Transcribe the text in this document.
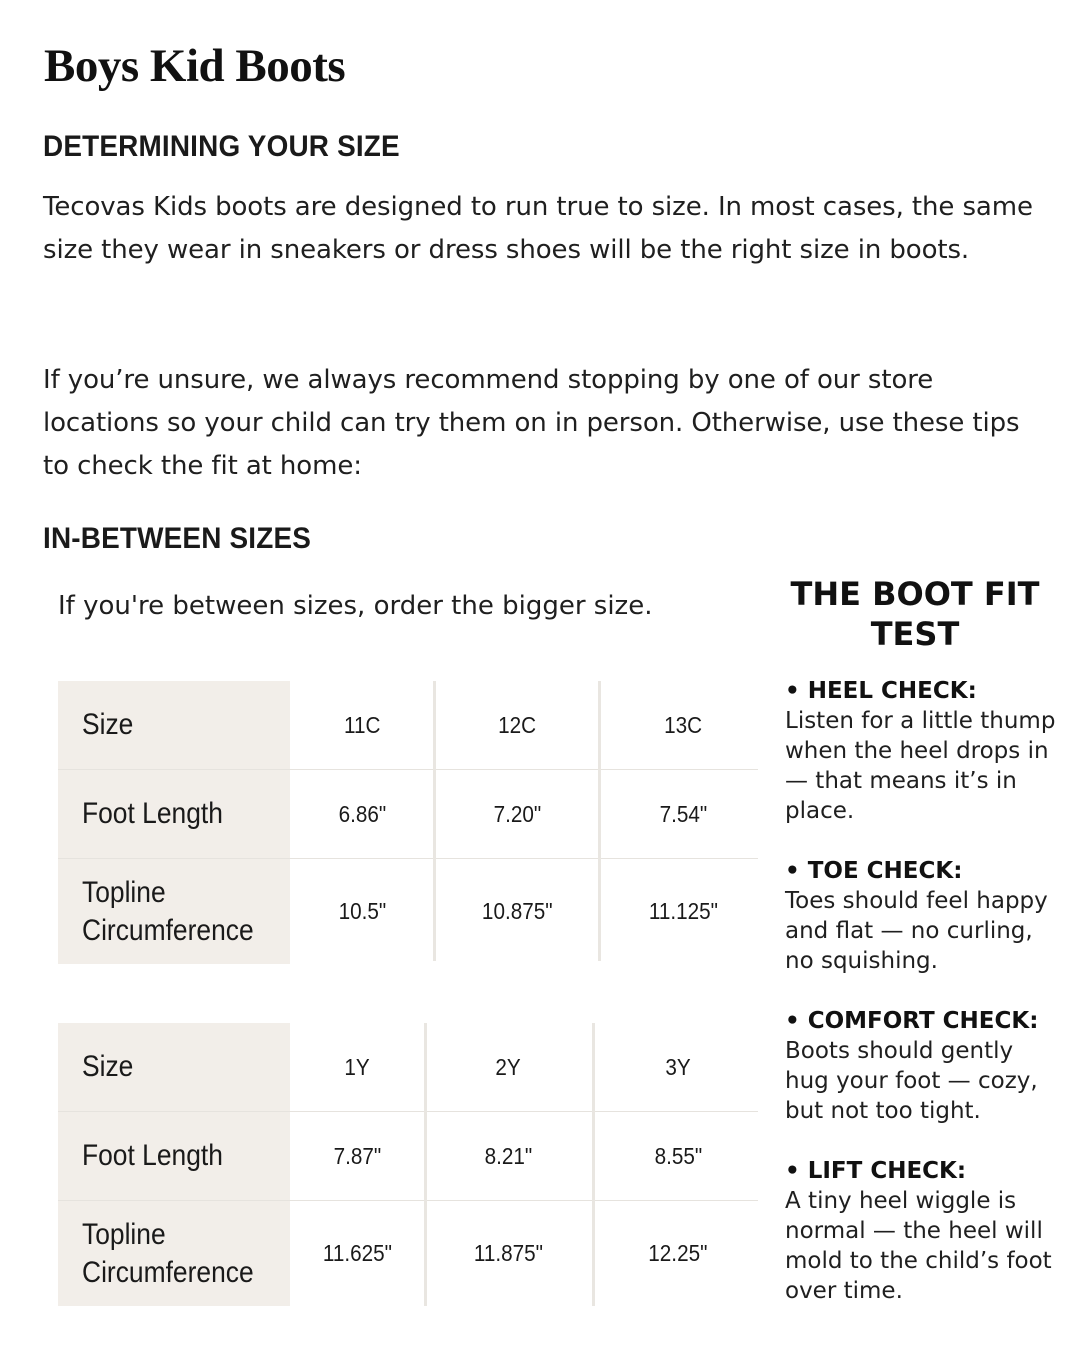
Boys Kid Boots
DETERMINING YOUR SIZE

Tecovas Kids boots are designed to run true to size. In most cases, the same size they wear in sneakers or dress shoes will be the right size in boots.

If you’re unsure, we always recommend stopping by one of our store locations so your child can try them on in person. Otherwise, use these tips to check the fit at home:

IN-BETWEEN SIZES

If you're between sizes, order the bigger size.

Size	11C	12C	13C
Foot Length	6.86"	7.20"	7.54"
Topline
Circumference
10.5"	10.875"	11.125"
Size	1Y	2Y	3Y
Foot Length	7.87"	8.21"	8.55"
Topline
Circumference
11.625"	11.875"	12.25"
THE BOOT FIT TEST

• HEEL CHECK:

Listen for a little thump when the heel drops in — that means it’s in place.

• TOE CHECK:

Toes should feel happy and flat — no curling, no squishing.

• COMFORT CHECK:

Boots should gently hug your foot — cozy, but not too tight.

• LIFT CHECK:

A tiny heel wiggle is normal — the heel will mold to the child’s foot over time.
